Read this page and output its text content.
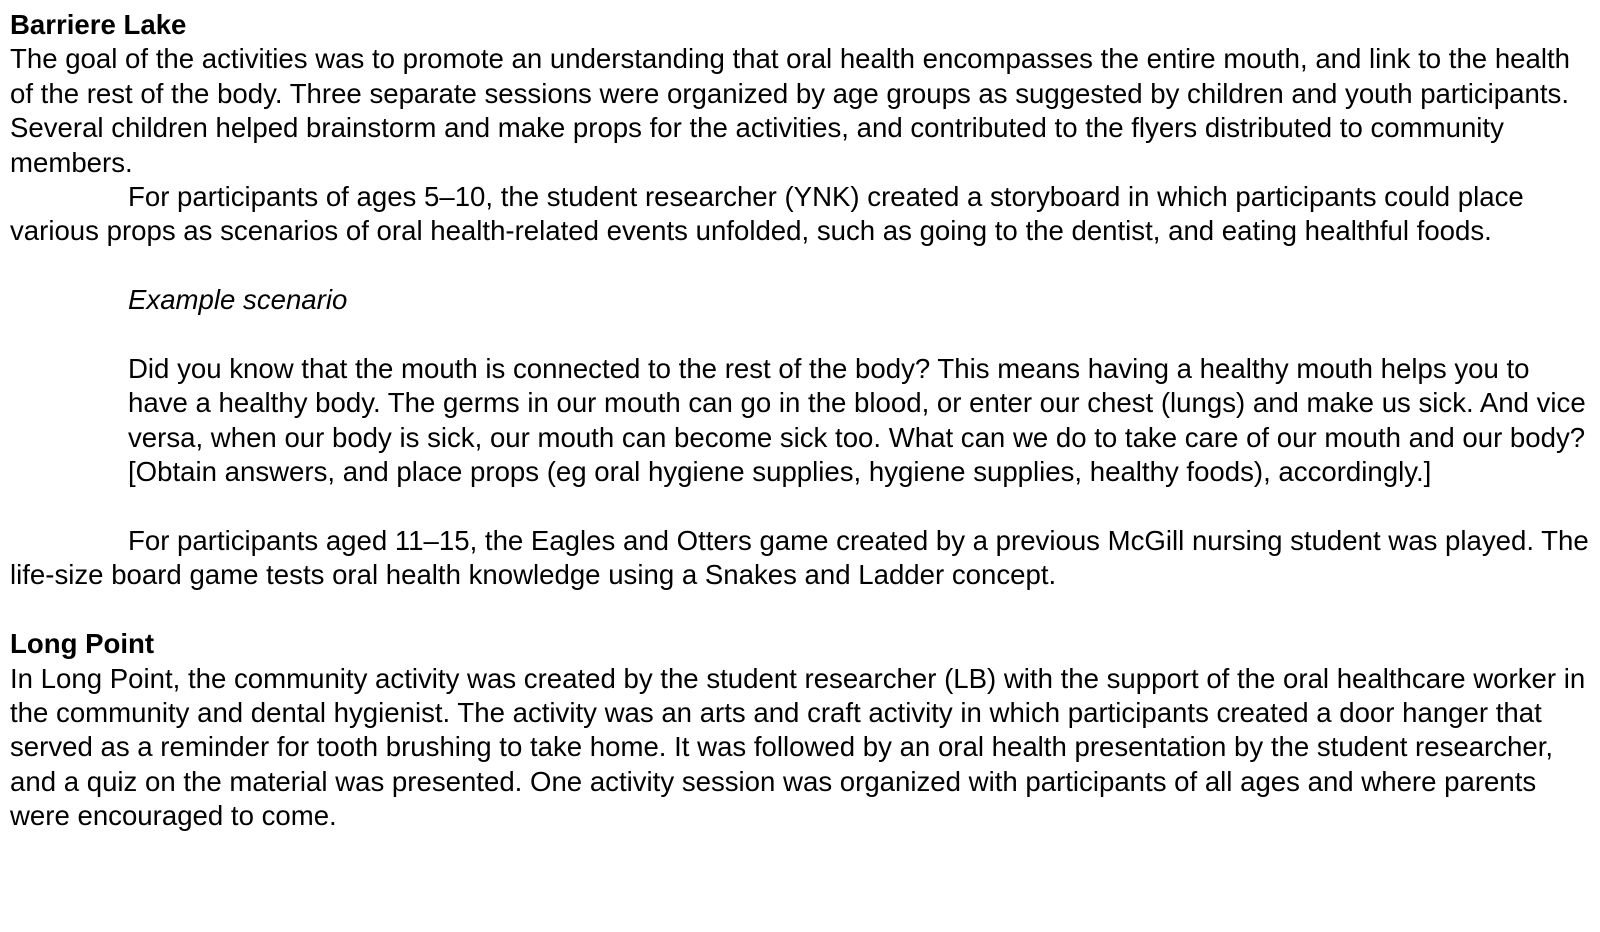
Barriere Lake

The goal of the activities was to promote an understanding that oral health encompasses the entire mouth, and link to the health of the rest of the body. Three separate sessions were organized by age groups as suggested by children and youth participants. Several children helped brainstorm and make props for the activities, and contributed to the flyers distributed to community members.

For participants of ages 5–10, the student researcher (YNK) created a storyboard in which participants could place various props as scenarios of oral health-related events unfolded, such as going to the dentist, and eating healthful foods.

Example scenario

Did you know that the mouth is connected to the rest of the body? This means having a healthy mouth helps you to have a healthy body. The germs in our mouth can go in the blood, or enter our chest (lungs) and make us sick. And vice versa, when our body is sick, our mouth can become sick too. What can we do to take care of our mouth and our body? [Obtain answers, and place props (eg oral hygiene supplies, hygiene supplies, healthy foods), accordingly.]

For participants aged 11–15, the Eagles and Otters game created by a previous McGill nursing student was played. The life-size board game tests oral health knowledge using a Snakes and Ladder concept.

Long Point

In Long Point, the community activity was created by the student researcher (LB) with the support of the oral healthcare worker in the community and dental hygienist. The activity was an arts and craft activity in which participants created a door hanger that served as a reminder for tooth brushing to take home. It was followed by an oral health presentation by the student researcher, and a quiz on the material was presented. One activity session was organized with participants of all ages and where parents were encouraged to come.
